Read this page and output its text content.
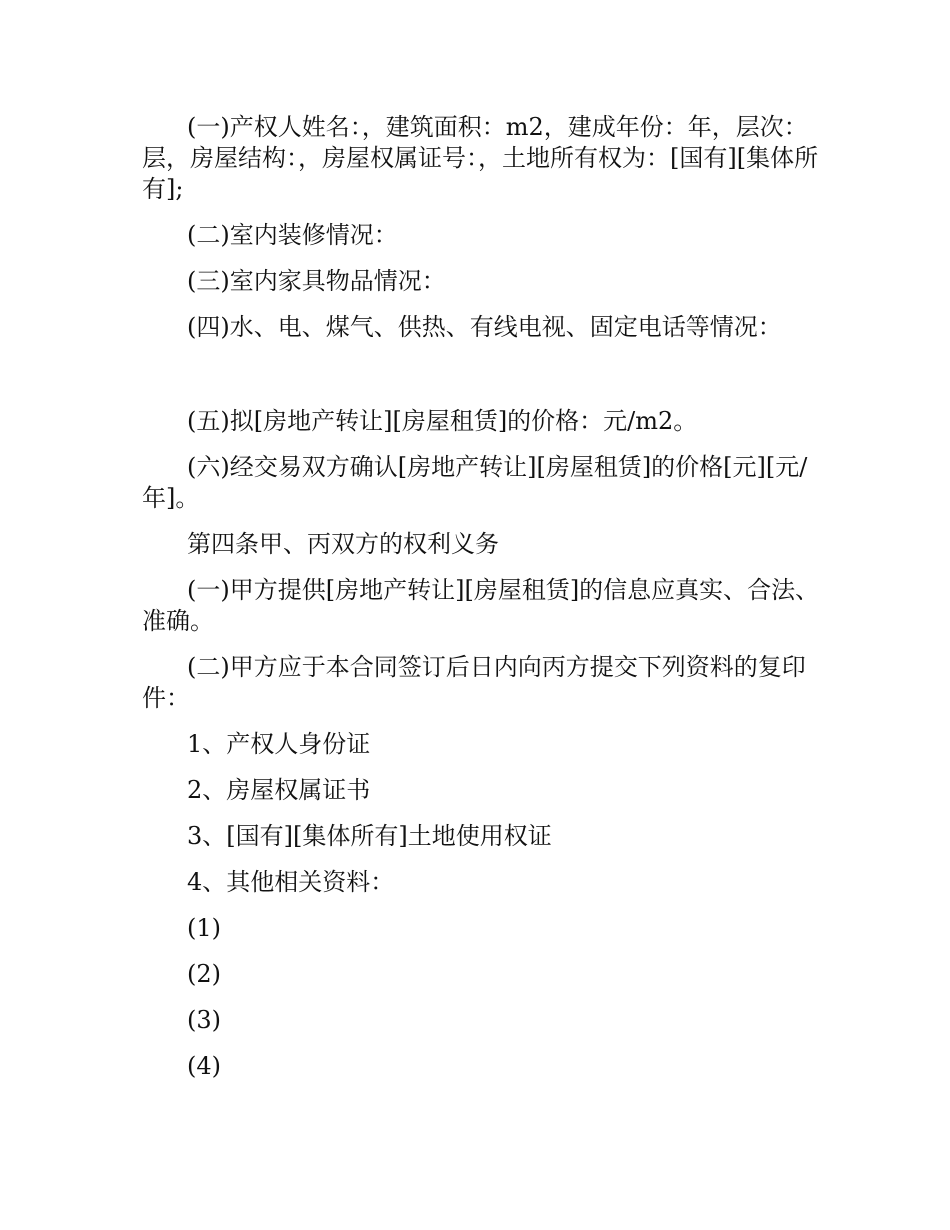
(一)产权人姓名：，建筑面积：m2，建成年份：年，层次：层，房屋结构：，房屋权属证号：，土地所有权为：[国有][集体所有];

(二)室内装修情况：

(三)室内家具物品情况：

(四)水、电、煤气、供热、有线电视、固定电话等情况：

(五)拟[房地产转让][房屋租赁]的价格：元/m2。

(六)经交易双方确认[房地产转让][房屋租赁]的价格[元][元/年]。

第四条甲、丙双方的权利义务

(一)甲方提供[房地产转让][房屋租赁]的信息应真实、合法、准确。

(二)甲方应于本合同签订后日内向丙方提交下列资料的复印件：

1、产权人身份证

2、房屋权属证书

3、[国有][集体所有]土地使用权证

4、其他相关资料：

(1)

(2)

(3)

(4)
